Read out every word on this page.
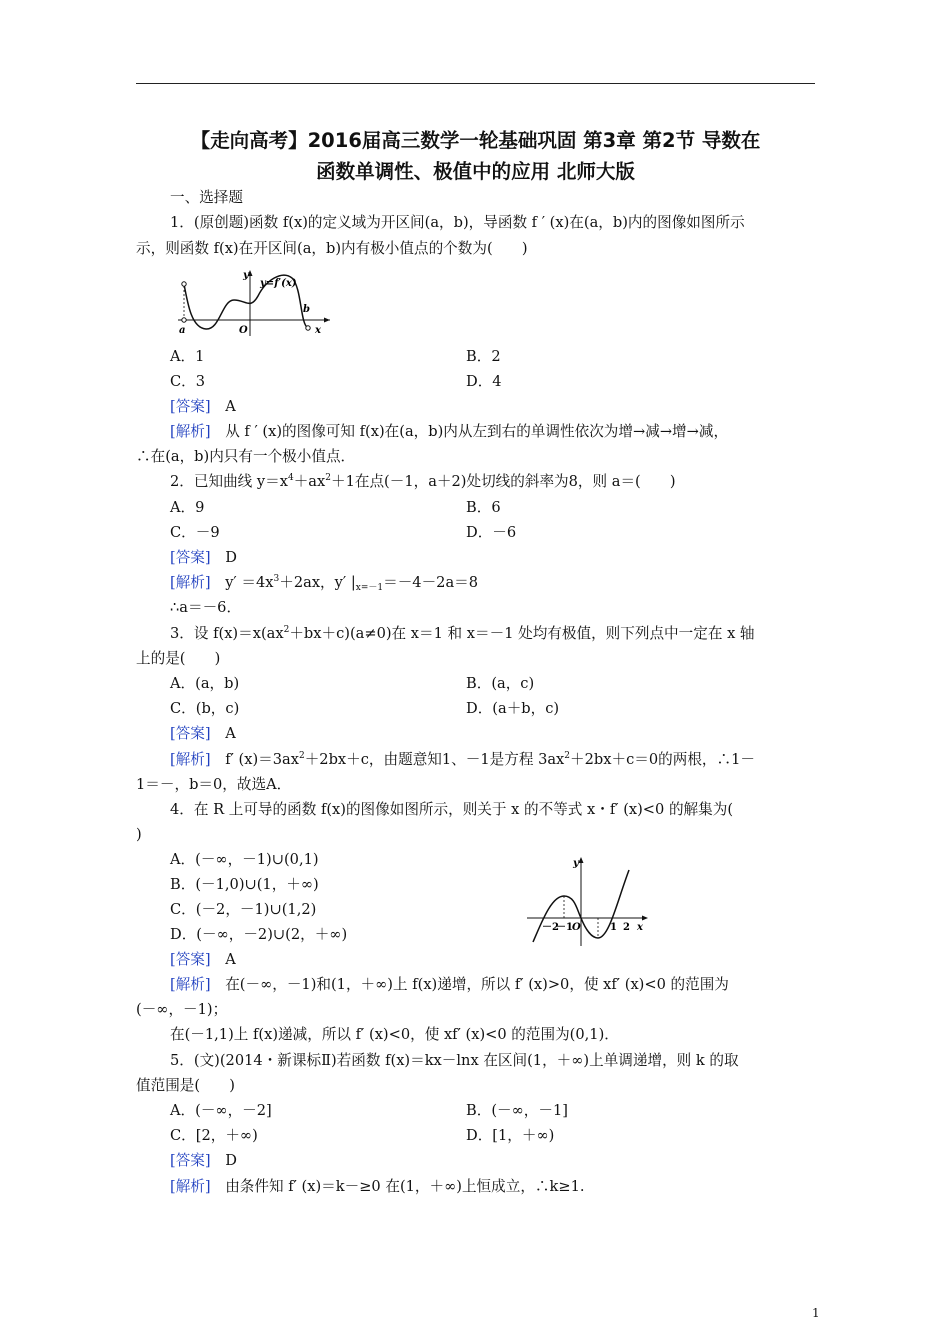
【走向高考】2016届高三数学一轮基础巩固 第3章 第2节 导数在
函数单调性、极值中的应用 北师大版
一、选择题
1．(原创题)函数 f(x)的定义域为开区间(a，b)，导函数 f ′ (x)在(a，b)内的图像如图所示
示，则函数 f(x)在开区间(a，b)内有极小值点的个数为(　　)
y
y=f′(x)
a	O
b
x
A．1	B．2
C．3	D．4
[答案]　 A
[解析]　 从 f ′ (x)的图像可知 f(x)在(a，b)内从左到右的单调性依次为增→减→增→减，
∴在(a，b)内只有一个极小值点．
2．已知曲线 $y=x^4+ax^2+1$在点(－1，a＋2)处切线的斜率为8，则 a＝(　　)
A．9	B．6
C．－9	D．－6
[答案]　 D
[解析]　 $y' =4x^3+2ax$，y′ $|_{x=-1}=-4-2a=8$
∴a＝－6．
3．设 $f(x)=x(ax^2+bx+c)(a\ne 0)$在 x＝1 和 x＝－1 处均有极值，则下列点中一定在 x 轴
上的是(　　)
A．(a，b)	B．(a，c)
C．(b，c)	D．(a＋b，c)
[答案]　 A
[解析]　 f′ $(x)=3ax^2+2bx+c$，由题意知1、－1是方程 $3ax^2+2bx+c=0$的两根，∴1－
1＝－，b＝0，故选A．
4．在 R 上可导的函数 f(x)的图像如图所示，则关于 x 的不等式 x・f′ (x)<0 的解集为(
)
A．(－∞，－1)∪(0,1)
B．(－1,0)∪(1，＋∞)
C．(－2，－1)∪(1,2)
D．(－∞，－2)∪(2，＋∞)
y
－2
－1 O	1 2 x
[答案]　 A
[解析]　 在(－∞，－1)和(1，＋∞)上 f(x)递增，所以 f′ (x)>0，使 xf′ (x)<0 的范围为
(－∞，－1)；
在(－1,1)上 f(x)递减，所以 f′ (x)<0，使 xf′ (x)<0 的范围为(0,1)．
5．(文)(2014・新课标Ⅱ)若函数 f(x)＝kx－lnx 在区间(1，＋∞)上单调递增，则 k 的取
值范围是(　　)
A．(－∞，－2]	B．(－∞，－1]
C．[2，＋∞)	D．[1，＋∞)
[答案]　 D
[解析]　 由条件知 f′ (x)＝k－≥0 在(1，＋∞)上恒成立，∴k≥1.
1
